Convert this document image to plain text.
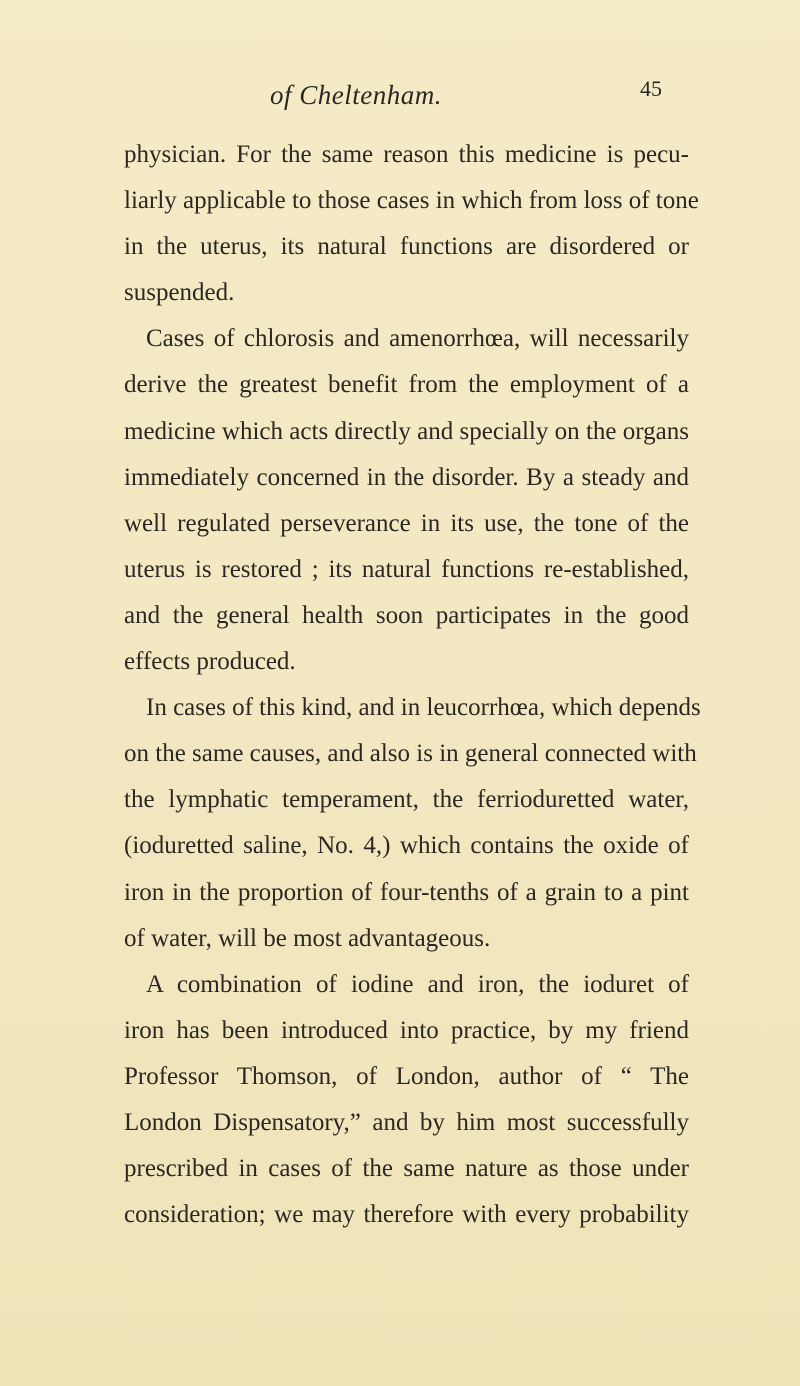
of Cheltenham.	45
physician. For the same reason this medicine is pecu-
liarly applicable to those cases in which from loss of tone
in the uterus, its natural functions are disordered or
suspended.
Cases of chlorosis and amenorrhœa, will necessarily
derive the greatest benefit from the employment of a
medicine which acts directly and specially on the organs
immediately concerned in the disorder. By a steady and
well regulated perseverance in its use, the tone of the
uterus is restored ; its natural functions re-established,
and the general health soon participates in the good
effects produced.
In cases of this kind, and in leucorrhœa, which depends
on the same causes, and also is in general connected with
the lymphatic temperament, the ferrioduretted water,
(ioduretted saline, No. 4,) which contains the oxide of
iron in the proportion of four-tenths of a grain to a pint
of water, will be most advantageous.
A combination of iodine and iron, the ioduret of
iron has been introduced into practice, by my friend
Professor Thomson, of London, author of “ The
London Dispensatory,” and by him most successfully
prescribed in cases of the same nature as those under
consideration; we may therefore with every probability
